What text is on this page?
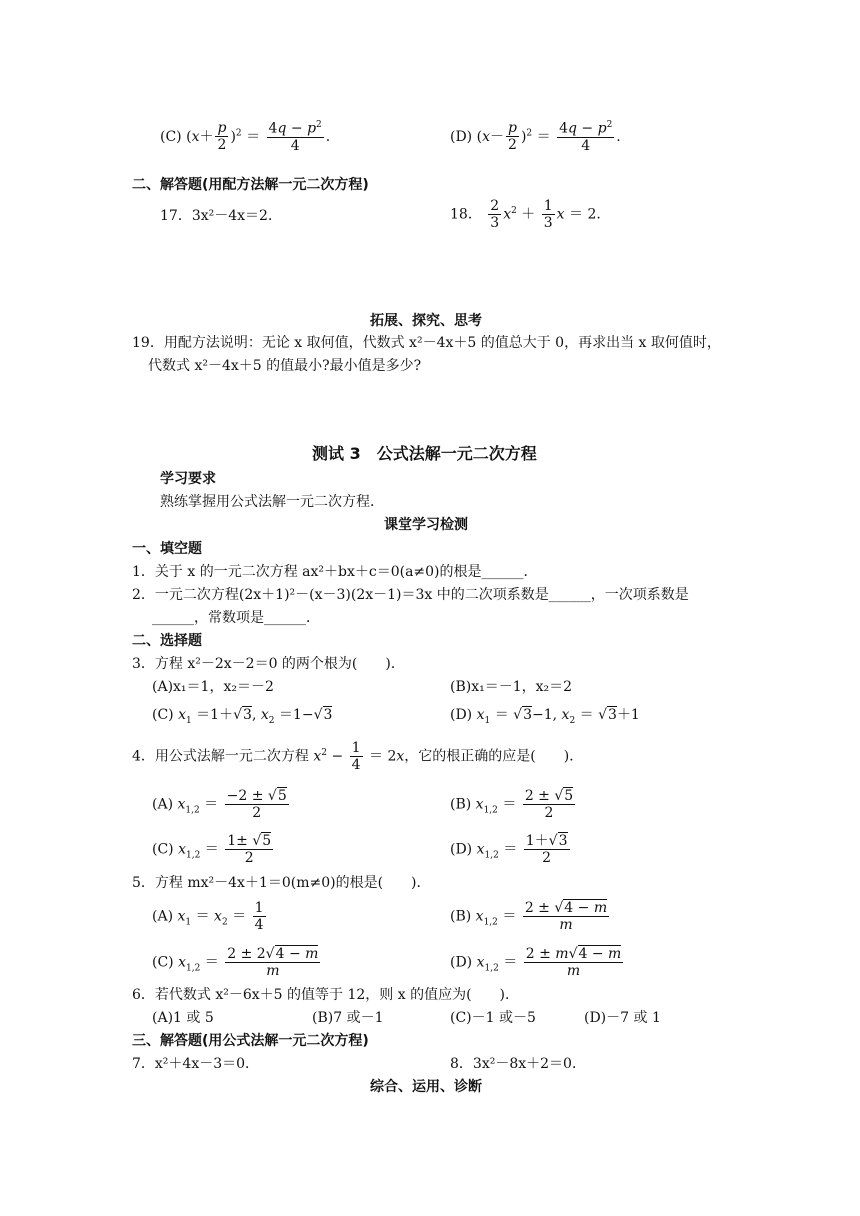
(C) $(x+ \frac{p}{2} )^2 = \frac{4q - p^2}{4}$ .	(D) $(x- \frac{p}{2} )^2 = \frac{4q - p^2}{4}$ .
二、解答题(用配方法解一元二次方程)
17．3x²－4x＝2．	18． $\frac{2}{3} x^2 + \frac{1}{3}$ x ＝ 2.
拓展、探究、思考
19．用配方法说明：无论 x 取何值，代数式 x²－4x＋5 的值总大于 0，再求出当 x 取何值时，
代数式 x²－4x＋5 的值最小?最小值是多少?
测试 3　公式法解一元二次方程
学习要求
熟练掌握用公式法解一元二次方程．
课堂学习检测
一、填空题
1．关于 x 的一元二次方程 ax²＋bx＋c＝0(a≠0)的根是______．
2．一元二次方程(2x＋1)²－(x－3)(2x－1)＝3x 中的二次项系数是______，一次项系数是
______，常数项是______．
二、选择题
3．方程 x²－2x－2＝0 的两个根为(　　)．
(A)x₁＝1，x₂＝－2	(B)x₁＝－1，x₂＝2
(C) $x_1 =1+√3$, $x_2 =1-√3$	(D) $x_1 = √3-1$, $x_2 = √3+1$
4．用公式法解一元二次方程 $x^2 - \frac{1}{4} = 2x$，它的根正确的应是(　　)．
(A) $x_{1,2} = \frac{-2 \pm √5}{2}$	(B) $x_{1,2} = \frac{2 \pm √5}{2}$
(C) $x_{1,2} = \frac{1\pm √5}{2}$	(D) $x_{1,2} = \frac{1+√3}{2}$
5．方程 mx²－4x＋1＝0(m≠0)的根是(　　)．
(A) $x_1 = x_2 = \frac{1}{4}$	(B) $x_{1,2} = \frac{2 \pm √4 - m}{m}$
(C) $x_{1,2} = \frac{2 \pm 2√4 - m}{m}$	(D) $x_{1,2} = \frac{2 \pm m√4 - m}{m}$
6．若代数式 x²－6x＋5 的值等于 12，则 x 的值应为(　　)．
(A)1 或 5	(B)7 或－1	(C)－1 或－5	(D)－7 或 1
三、解答题(用公式法解一元二次方程)
7．x²＋4x－3＝0．	8．3x²－8x＋2＝0．
综合、运用、诊断
